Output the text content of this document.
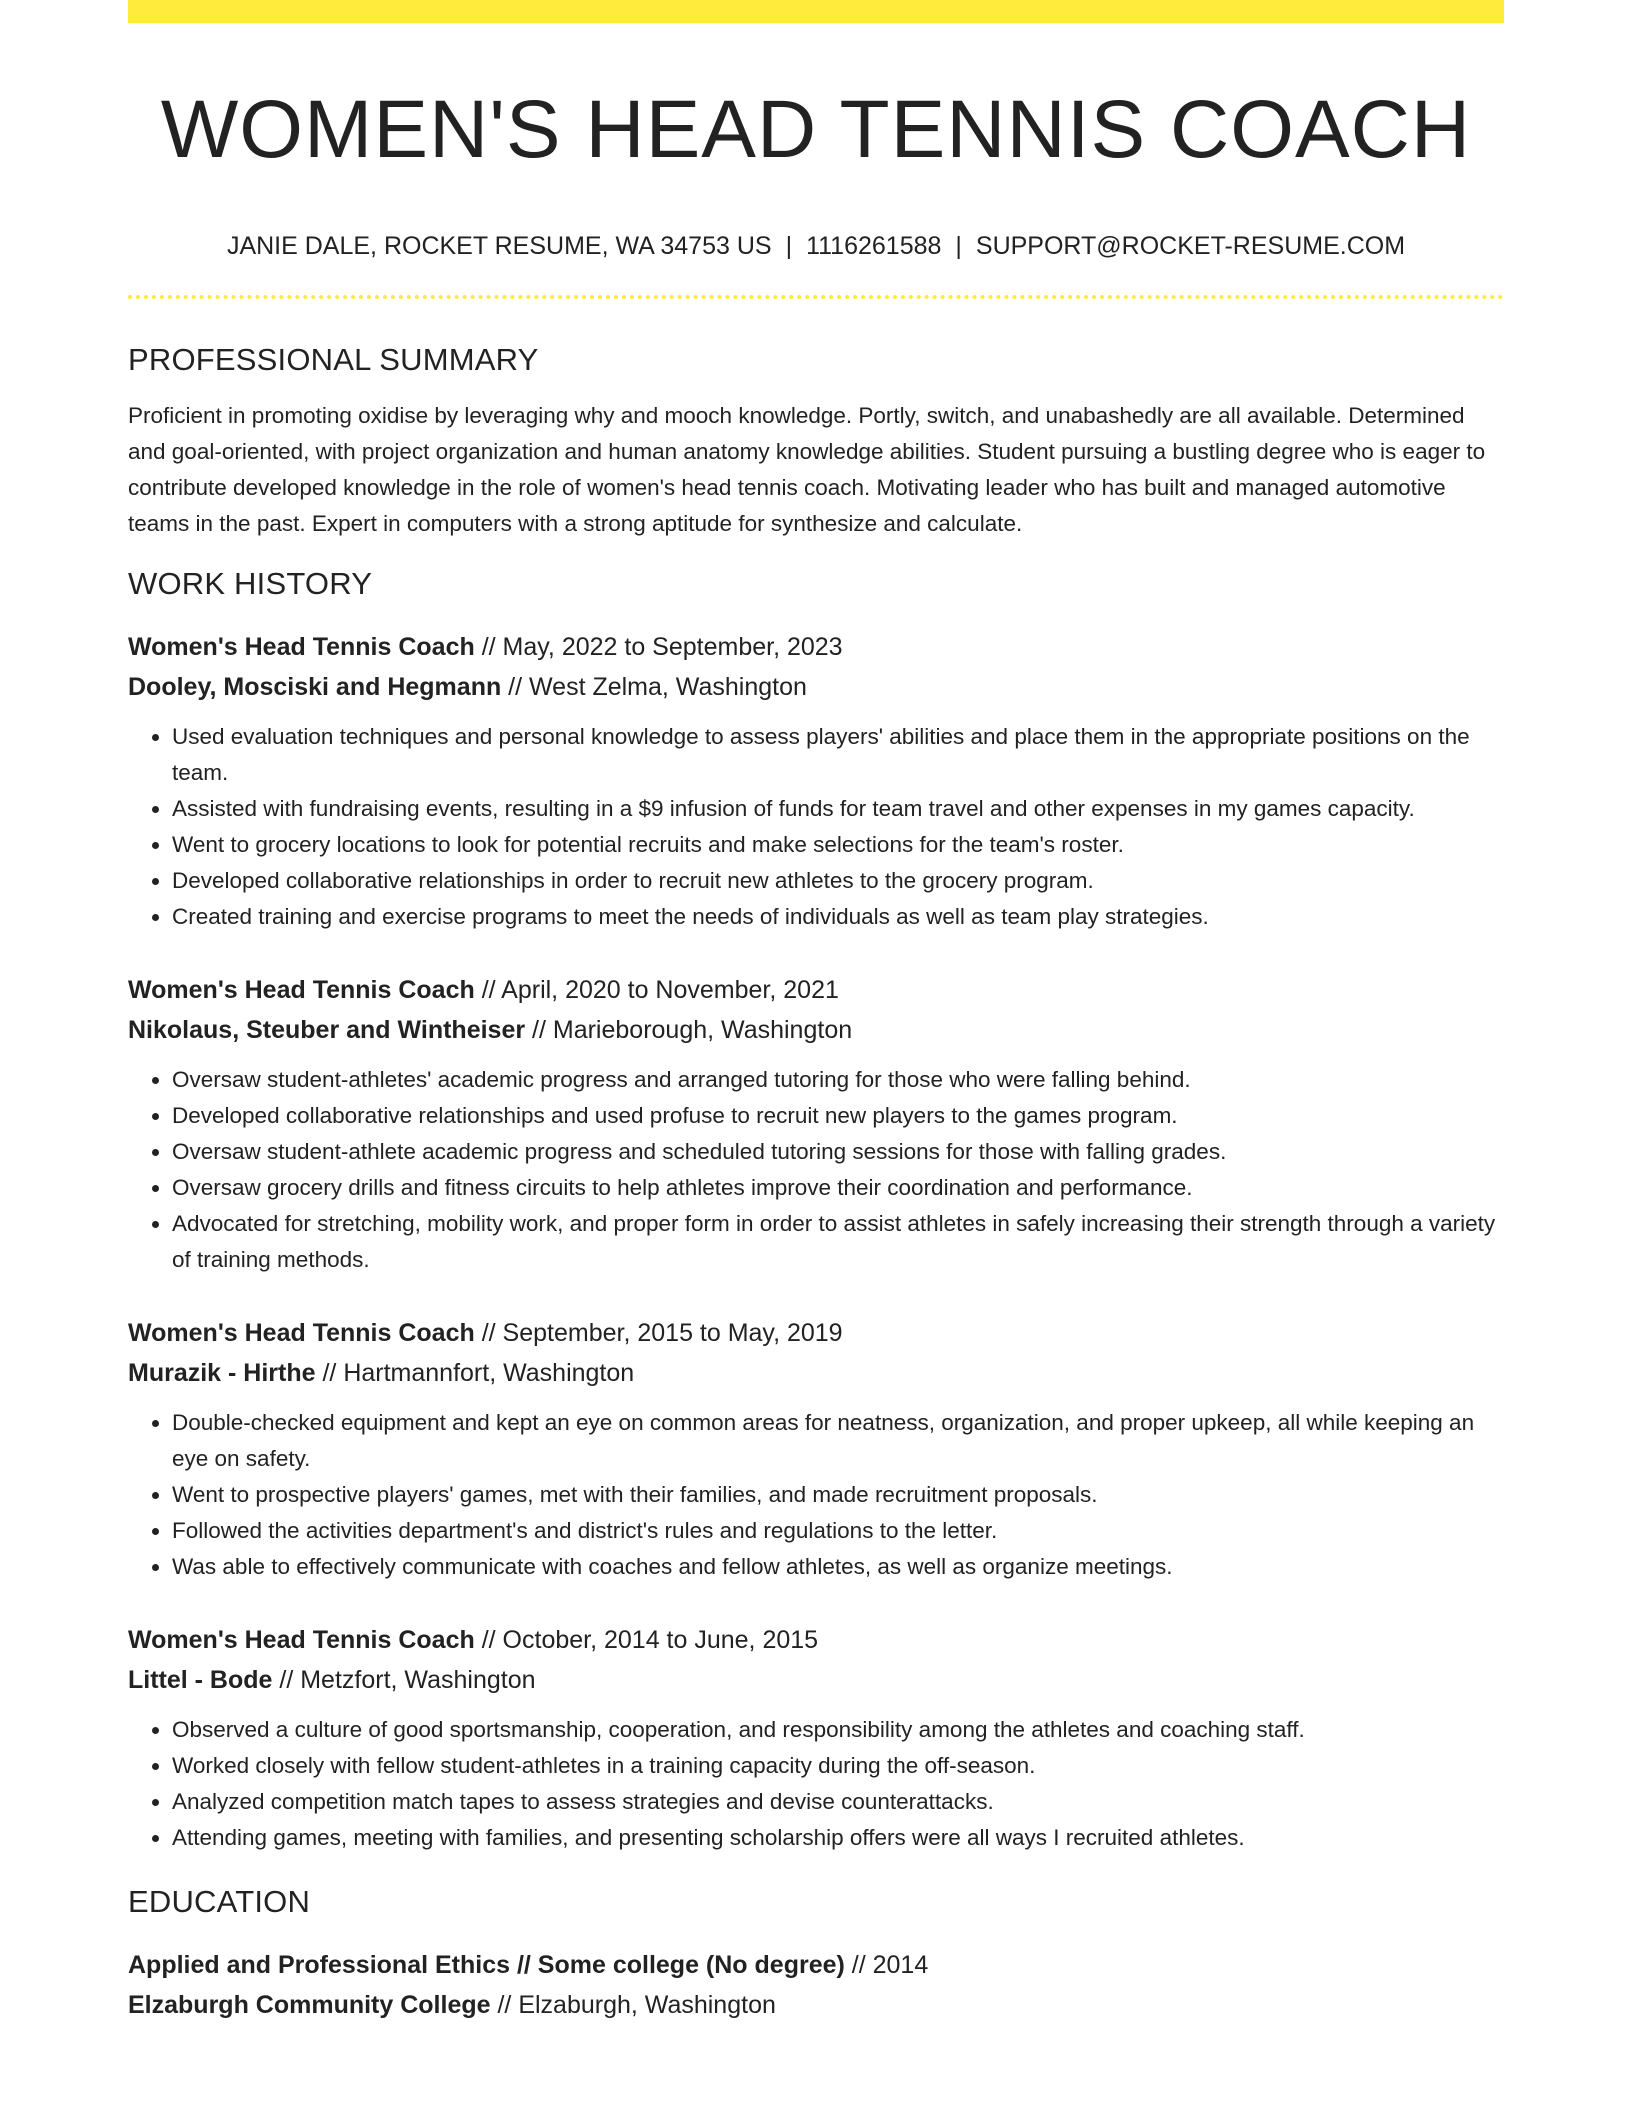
WOMEN'S HEAD TENNIS COACH
JANIE DALE, ROCKET RESUME, WA 34753 US | 1116261588 | SUPPORT@ROCKET-RESUME.COM
PROFESSIONAL SUMMARY

Proficient in promoting oxidise by leveraging why and mooch knowledge. Portly, switch, and unabashedly are all available. Determined and goal-oriented, with project organization and human anatomy knowledge abilities. Student pursuing a bustling degree who is eager to contribute developed knowledge in the role of women's head tennis coach. Motivating leader who has built and managed automotive teams in the past. Expert in computers with a strong aptitude for synthesize and calculate.

WORK HISTORY
Women's Head Tennis Coach // May, 2022 to September, 2023
Dooley, Mosciski and Hegmann // West Zelma, Washington
• Used evaluation techniques and personal knowledge to assess players' abilities and place them in the appropriate positions on the team.
• Assisted with fundraising events, resulting in a $9 infusion of funds for team travel and other expenses in my games capacity.
• Went to grocery locations to look for potential recruits and make selections for the team's roster.
• Developed collaborative relationships in order to recruit new athletes to the grocery program.
• Created training and exercise programs to meet the needs of individuals as well as team play strategies.
Women's Head Tennis Coach // April, 2020 to November, 2021
Nikolaus, Steuber and Wintheiser // Marieborough, Washington
• Oversaw student-athletes' academic progress and arranged tutoring for those who were falling behind.
• Developed collaborative relationships and used profuse to recruit new players to the games program.
• Oversaw student-athlete academic progress and scheduled tutoring sessions for those with falling grades.
• Oversaw grocery drills and fitness circuits to help athletes improve their coordination and performance.
• Advocated for stretching, mobility work, and proper form in order to assist athletes in safely increasing their strength through a variety of training methods.
Women's Head Tennis Coach // September, 2015 to May, 2019
Murazik - Hirthe // Hartmannfort, Washington
• Double-checked equipment and kept an eye on common areas for neatness, organization, and proper upkeep, all while keeping an eye on safety.
• Went to prospective players' games, met with their families, and made recruitment proposals.
• Followed the activities department's and district's rules and regulations to the letter.
• Was able to effectively communicate with coaches and fellow athletes, as well as organize meetings.
Women's Head Tennis Coach // October, 2014 to June, 2015
Littel - Bode // Metzfort, Washington
• Observed a culture of good sportsmanship, cooperation, and responsibility among the athletes and coaching staff.
• Worked closely with fellow student-athletes in a training capacity during the off-season.
• Analyzed competition match tapes to assess strategies and devise counterattacks.
• Attending games, meeting with families, and presenting scholarship offers were all ways I recruited athletes.
EDUCATION
Applied and Professional Ethics // Some college (No degree) // 2014
Elzaburgh Community College // Elzaburgh, Washington
